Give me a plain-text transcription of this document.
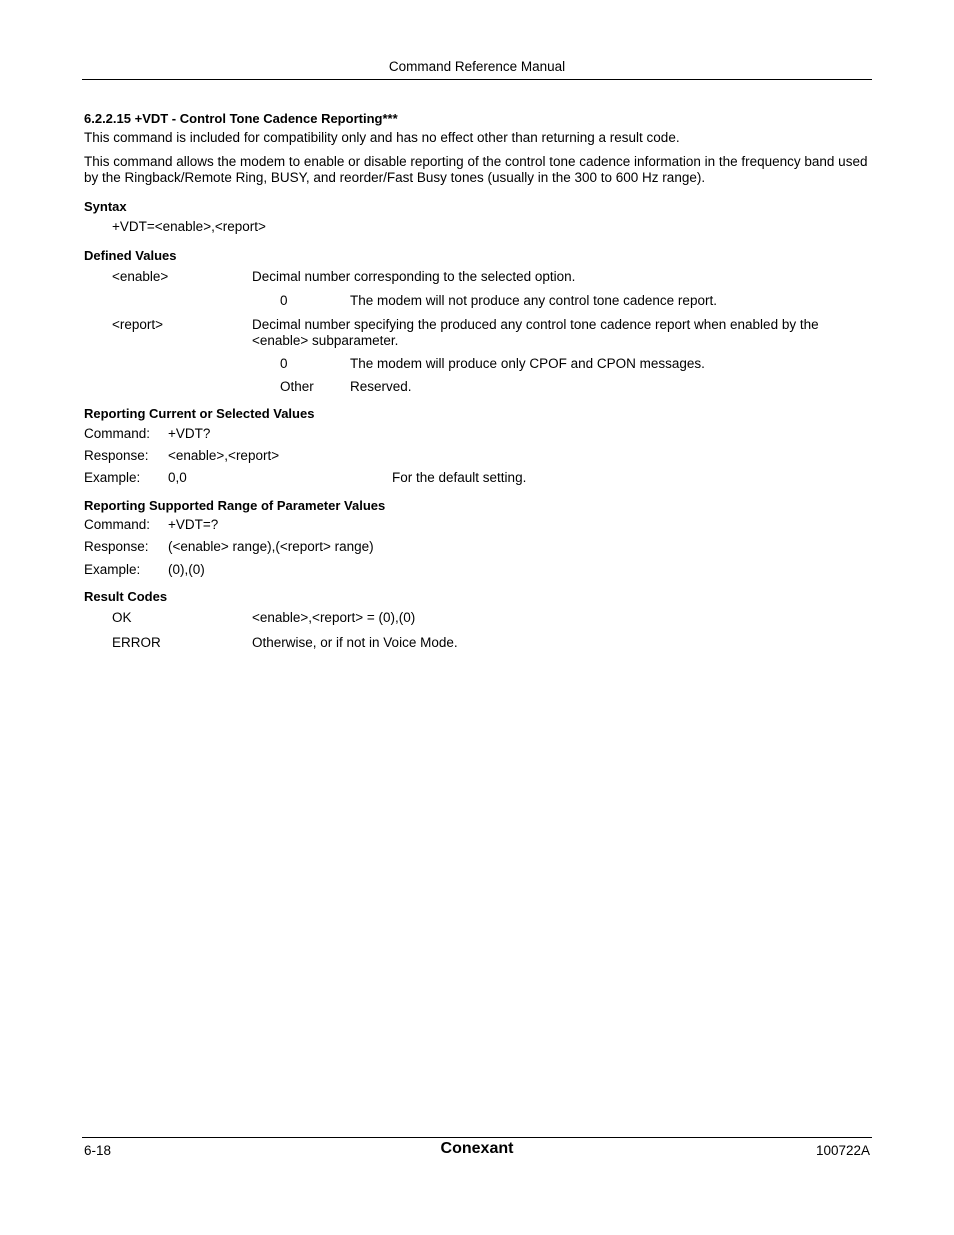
Command Reference Manual
6.2.2.15 +VDT - Control Tone Cadence Reporting***
This command is included for compatibility only and has no effect other than returning a result code.
This command allows the modem to enable or disable reporting of the control tone cadence information in the frequency band used by the Ringback/Remote Ring, BUSY, and reorder/Fast Busy tones (usually in the 300 to 600 Hz range).
Syntax
+VDT=<enable>,<report>
Defined Values
<enable>	Decimal number corresponding to the selected option.
0	The modem will not produce any control tone cadence report.
<report>	Decimal number specifying the produced any control tone cadence report when enabled by the <enable> subparameter.
0	The modem will produce only CPOF and CPON messages.
Other	Reserved.
Reporting Current or Selected Values
Command: +VDT?
Response: <enable>,<report>
Example: 0,0	For the default setting.
Reporting Supported Range of Parameter Values
Command: +VDT=?
Response: (<enable> range),(<report> range)
Example: (0),(0)
Result Codes
OK	<enable>,<report> = (0),(0)
ERROR	Otherwise, or if not in Voice Mode.
6-18	Conexant	100722A
